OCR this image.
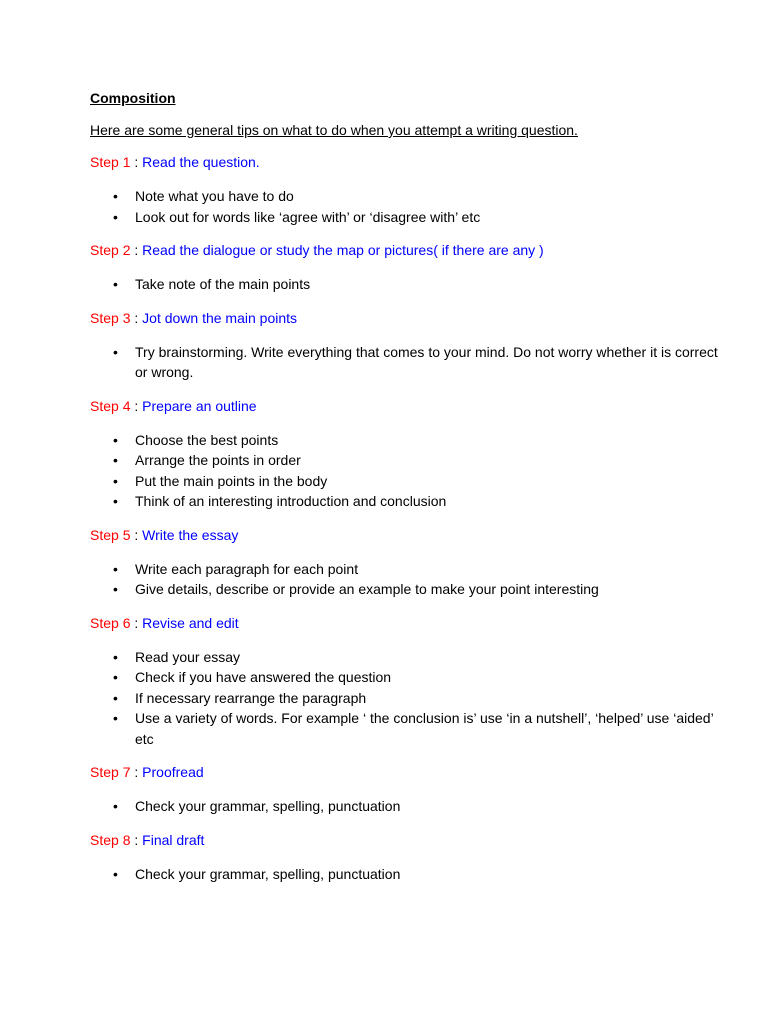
Composition

Here are some general tips on what to do when you attempt a writing question.

Step 1 : Read the question.

• Note what you have to do
• Look out for words like ‘agree with’ or ‘disagree with’ etc

Step 2 : Read the dialogue or study the map or pictures( if there are any )

• Take note of the main points

Step 3 : Jot down the main points

• Try brainstorming. Write everything that comes to your mind. Do not worry whether it is correct or wrong.

Step 4 : Prepare an outline

• Choose the best points
• Arrange the points in order
• Put the main points in the body
• Think of an interesting introduction and conclusion

Step 5 : Write the essay

• Write each paragraph for each point
• Give details, describe or provide an example to make your point interesting

Step 6 : Revise and edit

• Read your essay
• Check if you have answered the question
• If necessary rearrange the paragraph
• Use a variety of words. For example ‘ the conclusion is’ use ‘in a nutshell’, ‘helped’ use ‘aided’ etc

Step 7 : Proofread

• Check your grammar, spelling, punctuation

Step 8 : Final draft

• Check your grammar, spelling, punctuation
